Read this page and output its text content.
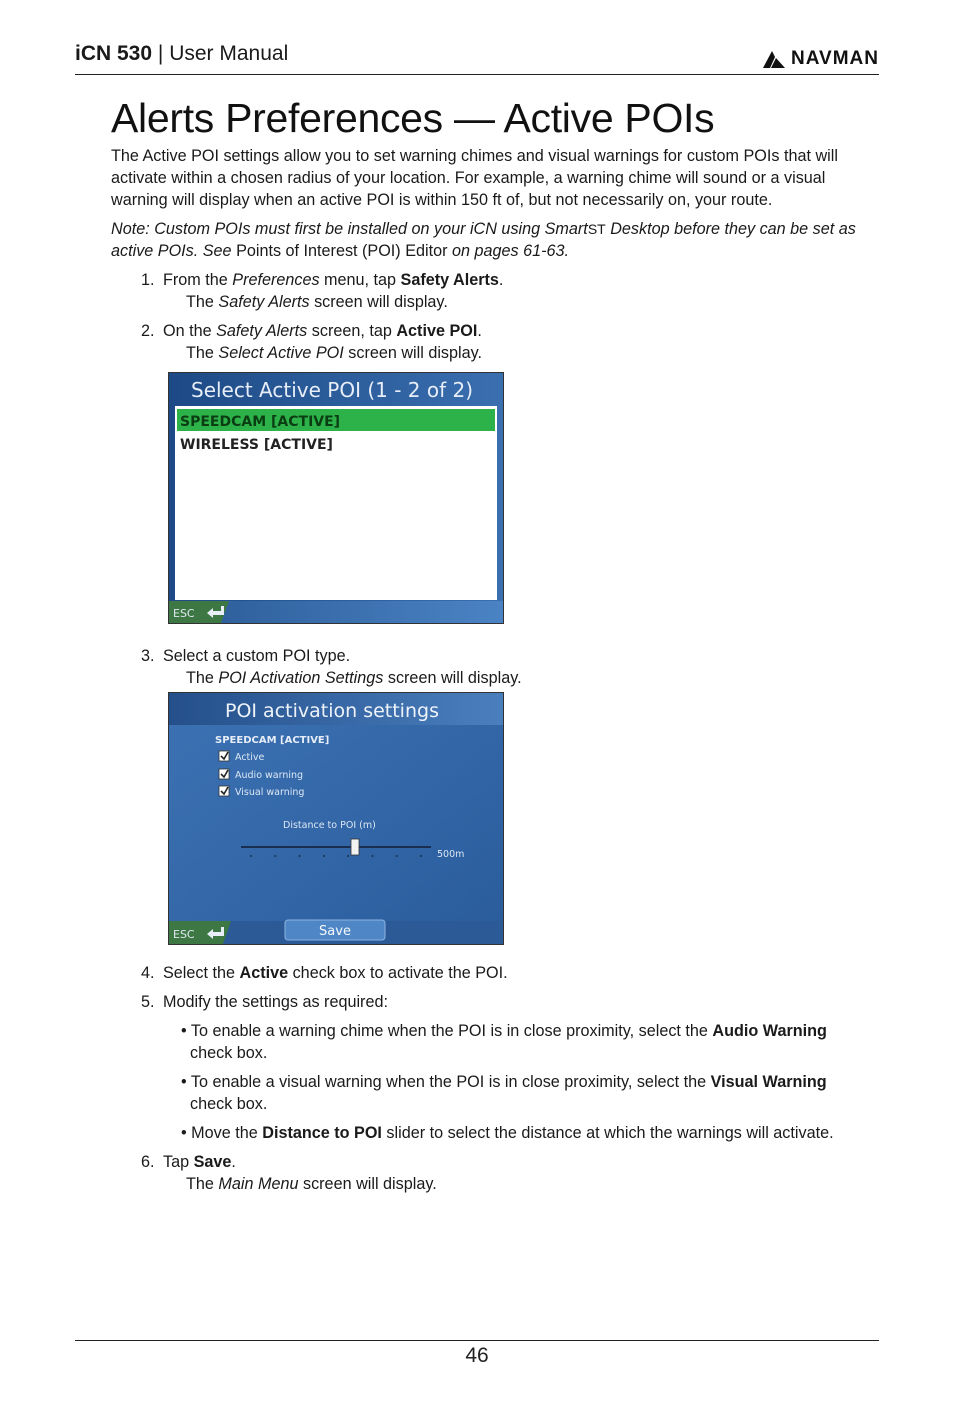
iCN 530 | User Manual	NAVMAN
Alerts Preferences — Active POIs

The Active POI settings allow you to set warning chimes and visual warnings for custom POIs that will activate within a chosen radius of your location. For example, a warning chime will sound or a visual warning will display when an active POI is within 150 ft of, but not necessarily on, your route.

Note: Custom POIs must first be installed on your iCN using SmartST Desktop before they can be set as active POIs. See Points of Interest (POI) Editor on pages 61-63.

1. From the Preferences menu, tap Safety Alerts.
The Safety Alerts screen will display.
2. On the Safety Alerts screen, tap Active POI.
The Select Active POI screen will display.
3. Select a custom POI type.
The POI Activation Settings screen will display.
4. Select the Active check box to activate the POI.
5. Modify the settings as required:
• To enable a warning chime when the POI is in close proximity, select the Audio Warning
check box.
• To enable a visual warning when the POI is in close proximity, select the Visual Warning
check box.
• Move the Distance to POI slider to select the distance at which the warnings will activate.
6. Tap Save.
The Main Menu screen will display.
Select Active POI (1 - 2 of 2)
SPEEDCAM [ACTIVE]
WIRELESS [ACTIVE]
ESC
POI activation settings
SPEEDCAM [ACTIVE]
Active
Audio warning
Visual warning
Distance to POI (m)
500m
ESC	Save
46
